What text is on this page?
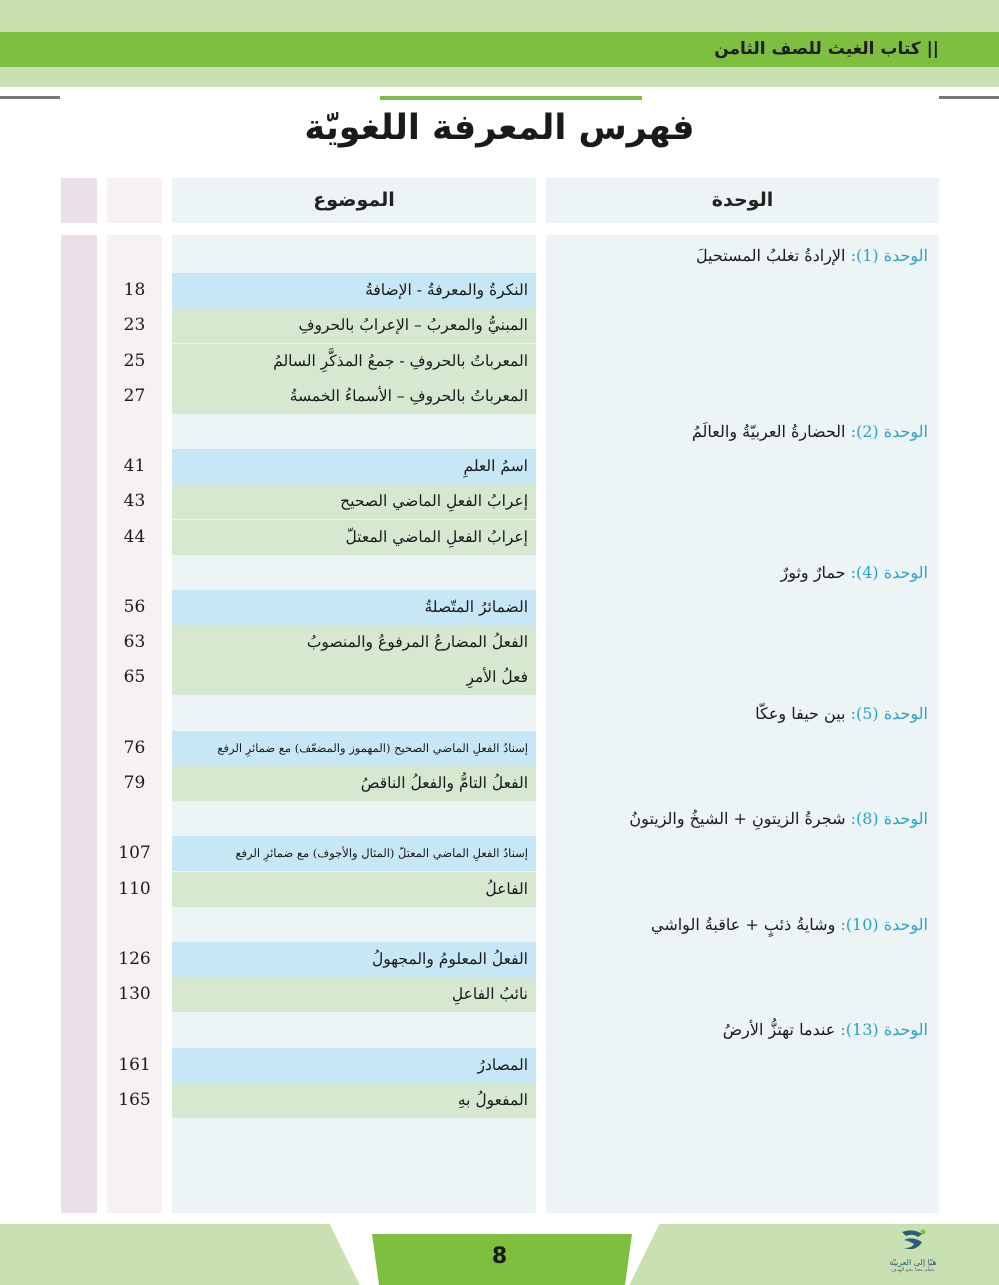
|| كتاب الغيث للصف الثامن
فهرس المعرفة اللغويّة
الموضوع	الوحدة
الوحدة (1): الإرادةُ تغلبُ المستحيلَ
النكرةُ والمعرفةُ - الإضافةُ
18
المبنيُّ والمعربُ – الإعرابُ بالحروفِ
23
المعرباتُ بالحروفِ - جمعُ المذكَّرِ السالمُ
25
المعرباتُ بالحروفِ – الأسماءُ الخمسةُ
27
الوحدة (2): الحضارةُ العربيّةُ والعالَمُ
اسمُ العلمِ
41
إعرابُ الفعلِ الماضي الصحيح
43
إعرابُ الفعلِ الماضي المعتلّ
44
الوحدة (4): حمارٌ وثورٌ
الضمائرُ المتّصلةُ
56
الفعلُ المضارعُ المرفوعُ والمنصوبُ
63
فعلُ الأمرِ
65
الوحدة (5): بين حيفا وعكّا
إسنادُ الفعلِ الماضي الصحيح (المهموز والمضعّف) مع ضمائرِ الرفع
76
الفعلُ التامُّ والفعلُ الناقصُ
79
الوحدة (8): شجرةُ الزيتونِ + الشيخُ والزيتونُ
إسنادُ الفعلِ الماضي المعتلّ (المثال والأجوف) مع ضمائرِ الرفع
107
الفاعلُ
110
الوحدة (10): وشايةُ ذئبٍ + عاقبةُ الواشي
الفعلُ المعلومُ والمجهولُ
126
نائبُ الفاعلِ
130
الوحدة (13): عندما تهتزُّ الأرضُ
المصادرُ
161
المفعولُ بهِ
165
8	هيّا إلى العربيّة
نتعلّم معنا نحو الهدف
